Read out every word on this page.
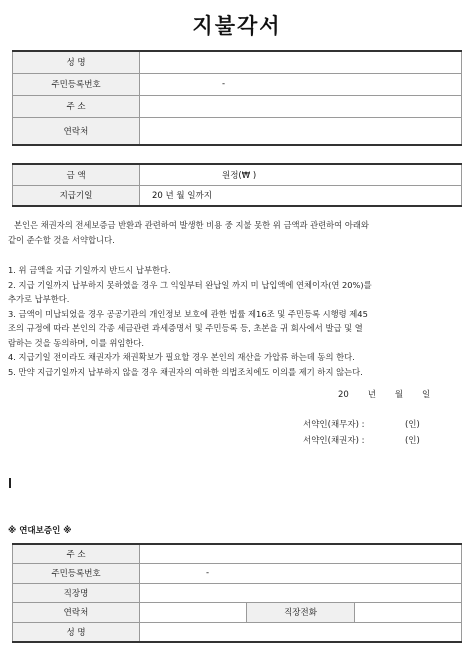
지불각서
성 명	
주민등록번호	-
주 소	
연락처	
금 액	원정(₩ )
지급기일	20 년 월 일까지
본인은 채권자의 전세보증금 반환과 관련하여 발생한 비용 중 지불 못한 위 금액과 관련하여 아래와
같이 준수할 것을 서약합니다.
1. 위 금액을 지급 기일까지 반드시 납부한다.
2. 지급 기일까지 납부하지 못하였을 경우 그 익일부터 완납일 까지 미 납입액에 연체이자(연 20%)를
추가로 납부한다.
3. 금액이 미납되었을 경우 공공기관의 개인정보 보호에 관한 법률 제16조 및 주민등록 시행령 제45
조의 규정에 따라 본인의 각종 세금관련 과세증명서 및 주민등록 등, 초본을 귀 회사에서 발급 및 열
람하는 것을 동의하며, 이를 위임한다.
4. 지급기일 전이라도 채권자가 채권확보가 필요할 경우 본인의 재산을 가압류 하는데 동의 한다.
5. 만약 지급기일까지 납부하지 않을 경우 채권자의 여하한 의법조치에도 이의를 제기 하지 않는다.
20       년       월       일
서약인(채무자) :               (인)
서약인(채권자) :               (인)
※ 연대보증인 ※
주 소			
주민등록번호	-		
직장명			
연락처		직장전화	
성 명			
